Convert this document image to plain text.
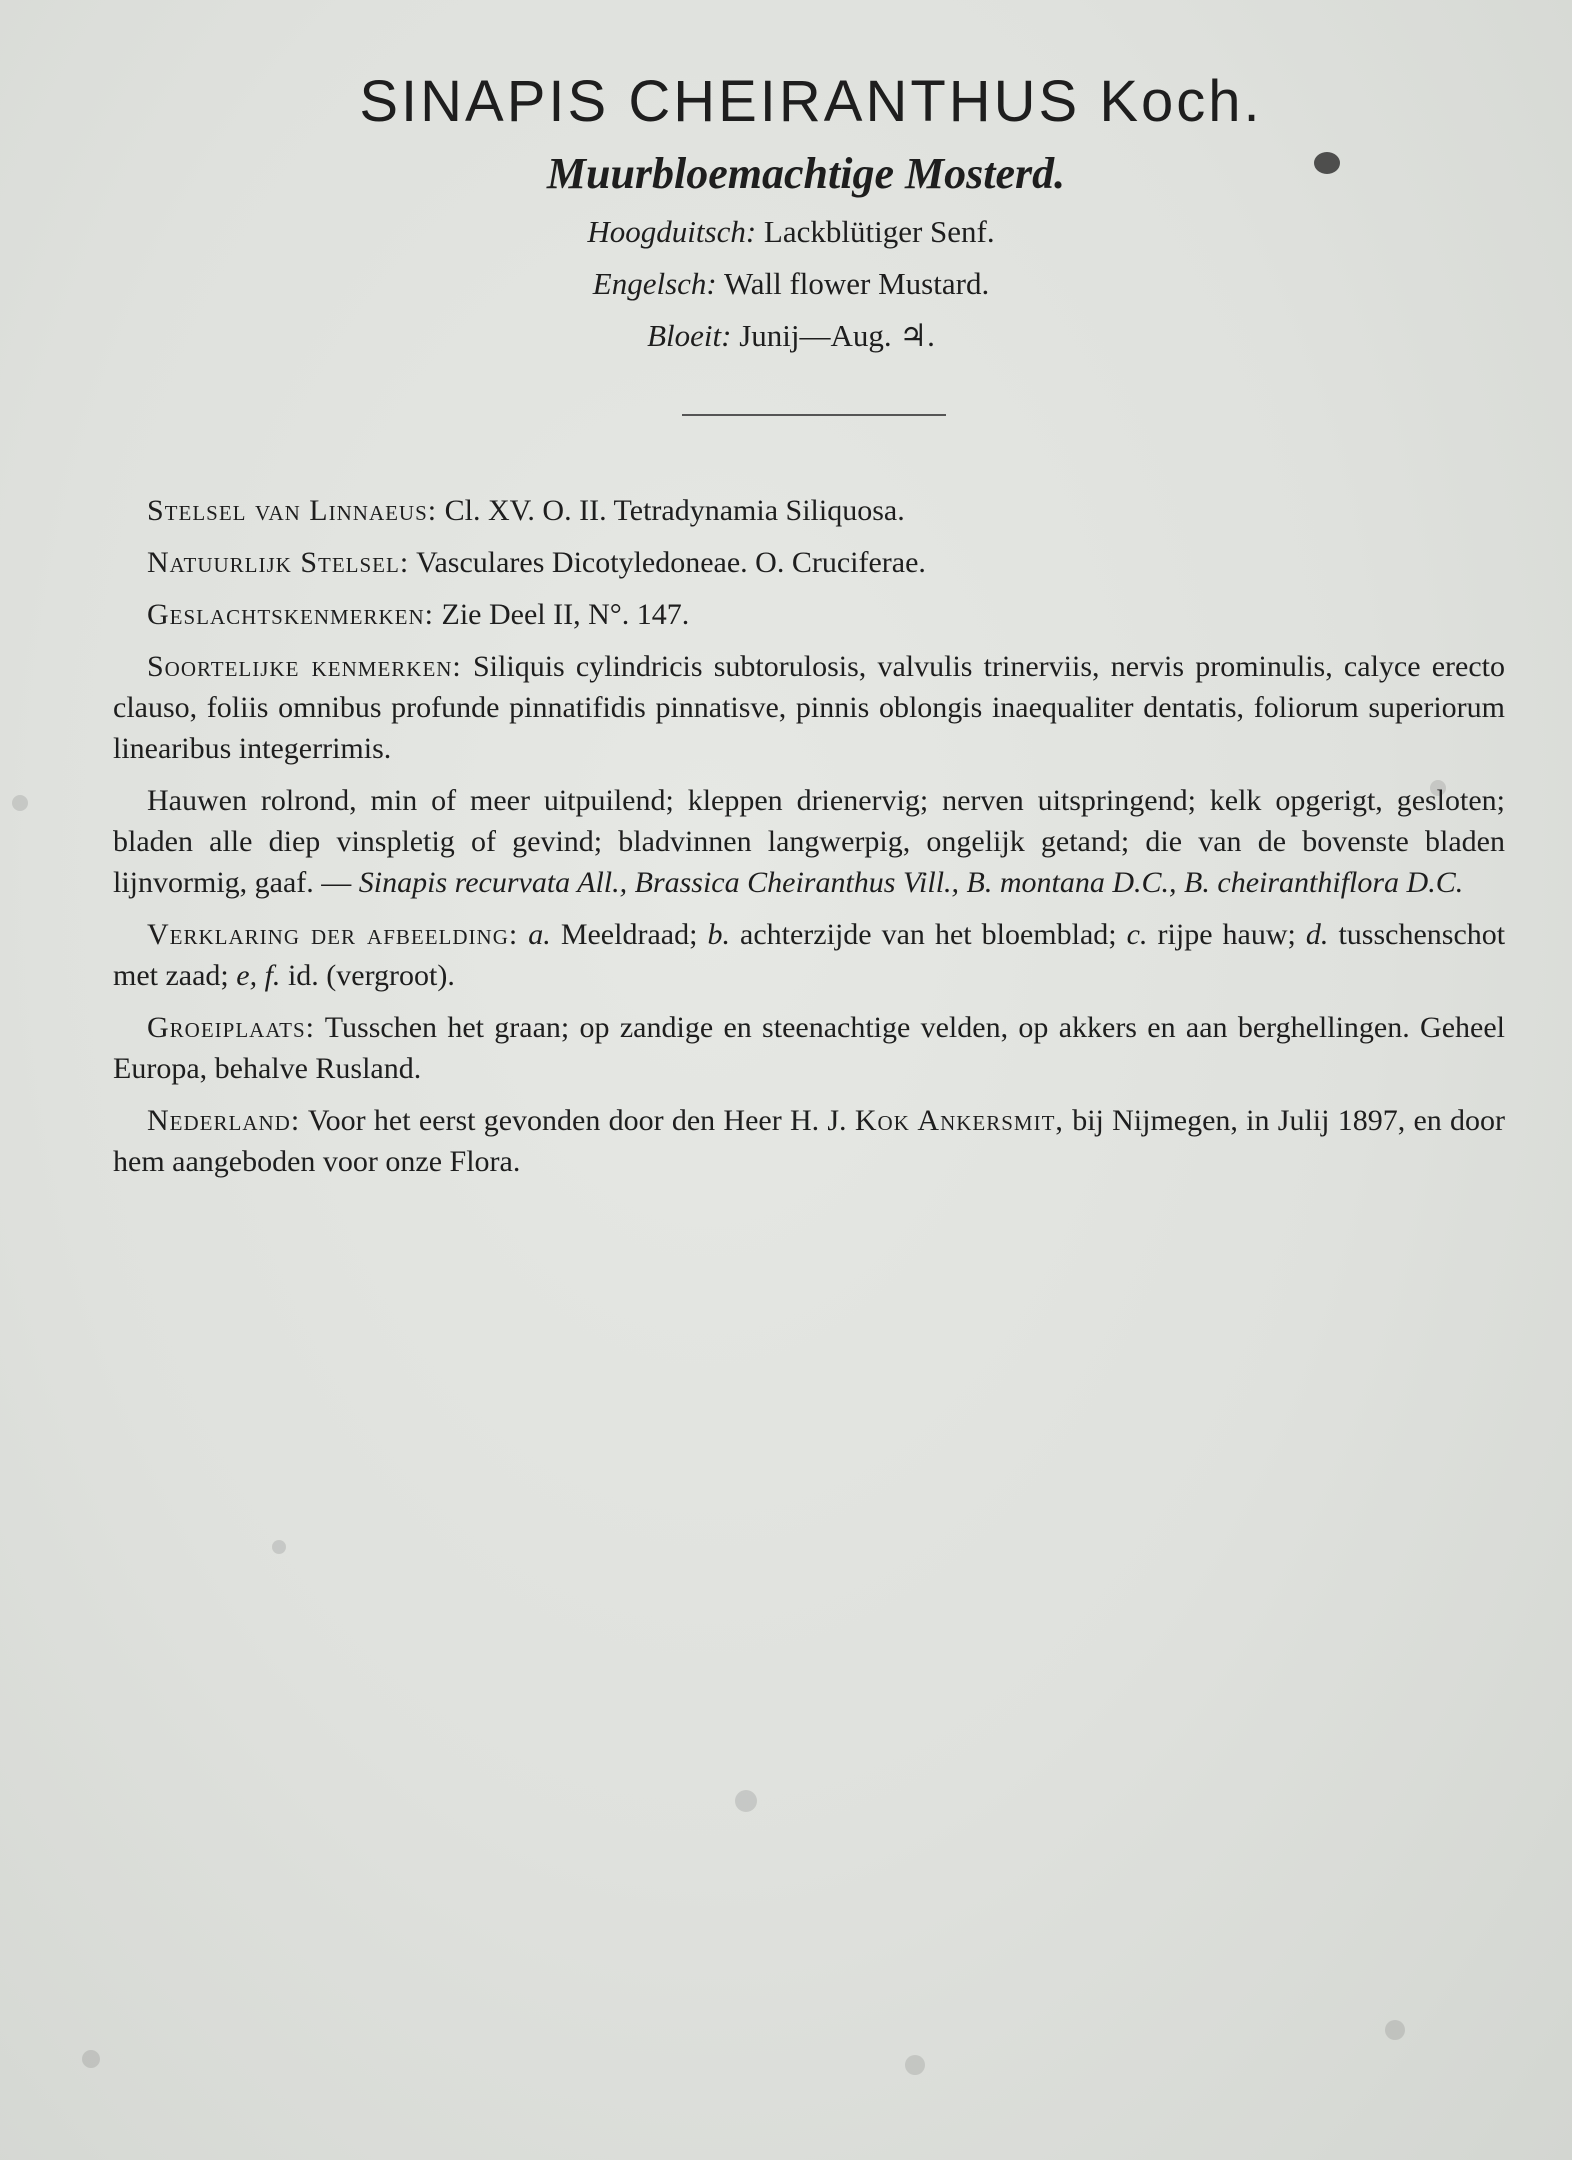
SINAPIS CHEIRANTHUS Koch.
Muurbloemachtige Mosterd.
Hoogduitsch: Lackblütiger Senf.
Engelsch: Wall flower Mustard.
Bloeit: Junij—Aug. ♃.

Stelsel van Linnaeus: Cl. XV. O. II. Tetradynamia Siliquosa.

Natuurlijk Stelsel: Vasculares Dicotyledoneae. O. Cruciferae.

Geslachtskenmerken: Zie Deel II, N°. 147.

Soortelijke kenmerken: Siliquis cylindricis subtorulosis, valvulis trinerviis, nervis prominulis, calyce erecto clauso, foliis omnibus profunde pinnatifidis pinnatisve, pinnis oblongis inaequaliter dentatis, foliorum superiorum linearibus integerrimis.

Hauwen rolrond, min of meer uitpuilend; kleppen drienervig; nerven uitspringend; kelk opgerigt, gesloten; bladen alle diep vinspletig of gevind; bladvinnen langwerpig, ongelijk getand; die van de bovenste bladen lijnvormig, gaaf. — Sinapis recurvata All., Brassica Cheiranthus Vill., B. montana D.C., B. cheiranthiflora D.C.

Verklaring der afbeelding: a. Meeldraad; b. achterzijde van het bloemblad; c. rijpe hauw; d. tusschenschot met zaad; e, f. id. (vergroot).

Groeiplaats: Tusschen het graan; op zandige en steenachtige velden, op akkers en aan berghellingen. Geheel Europa, behalve Rusland.

Nederland: Voor het eerst gevonden door den Heer H. J. Kok Ankersmit, bij Nijmegen, in Julij 1897, en door hem aangeboden voor onze Flora.
